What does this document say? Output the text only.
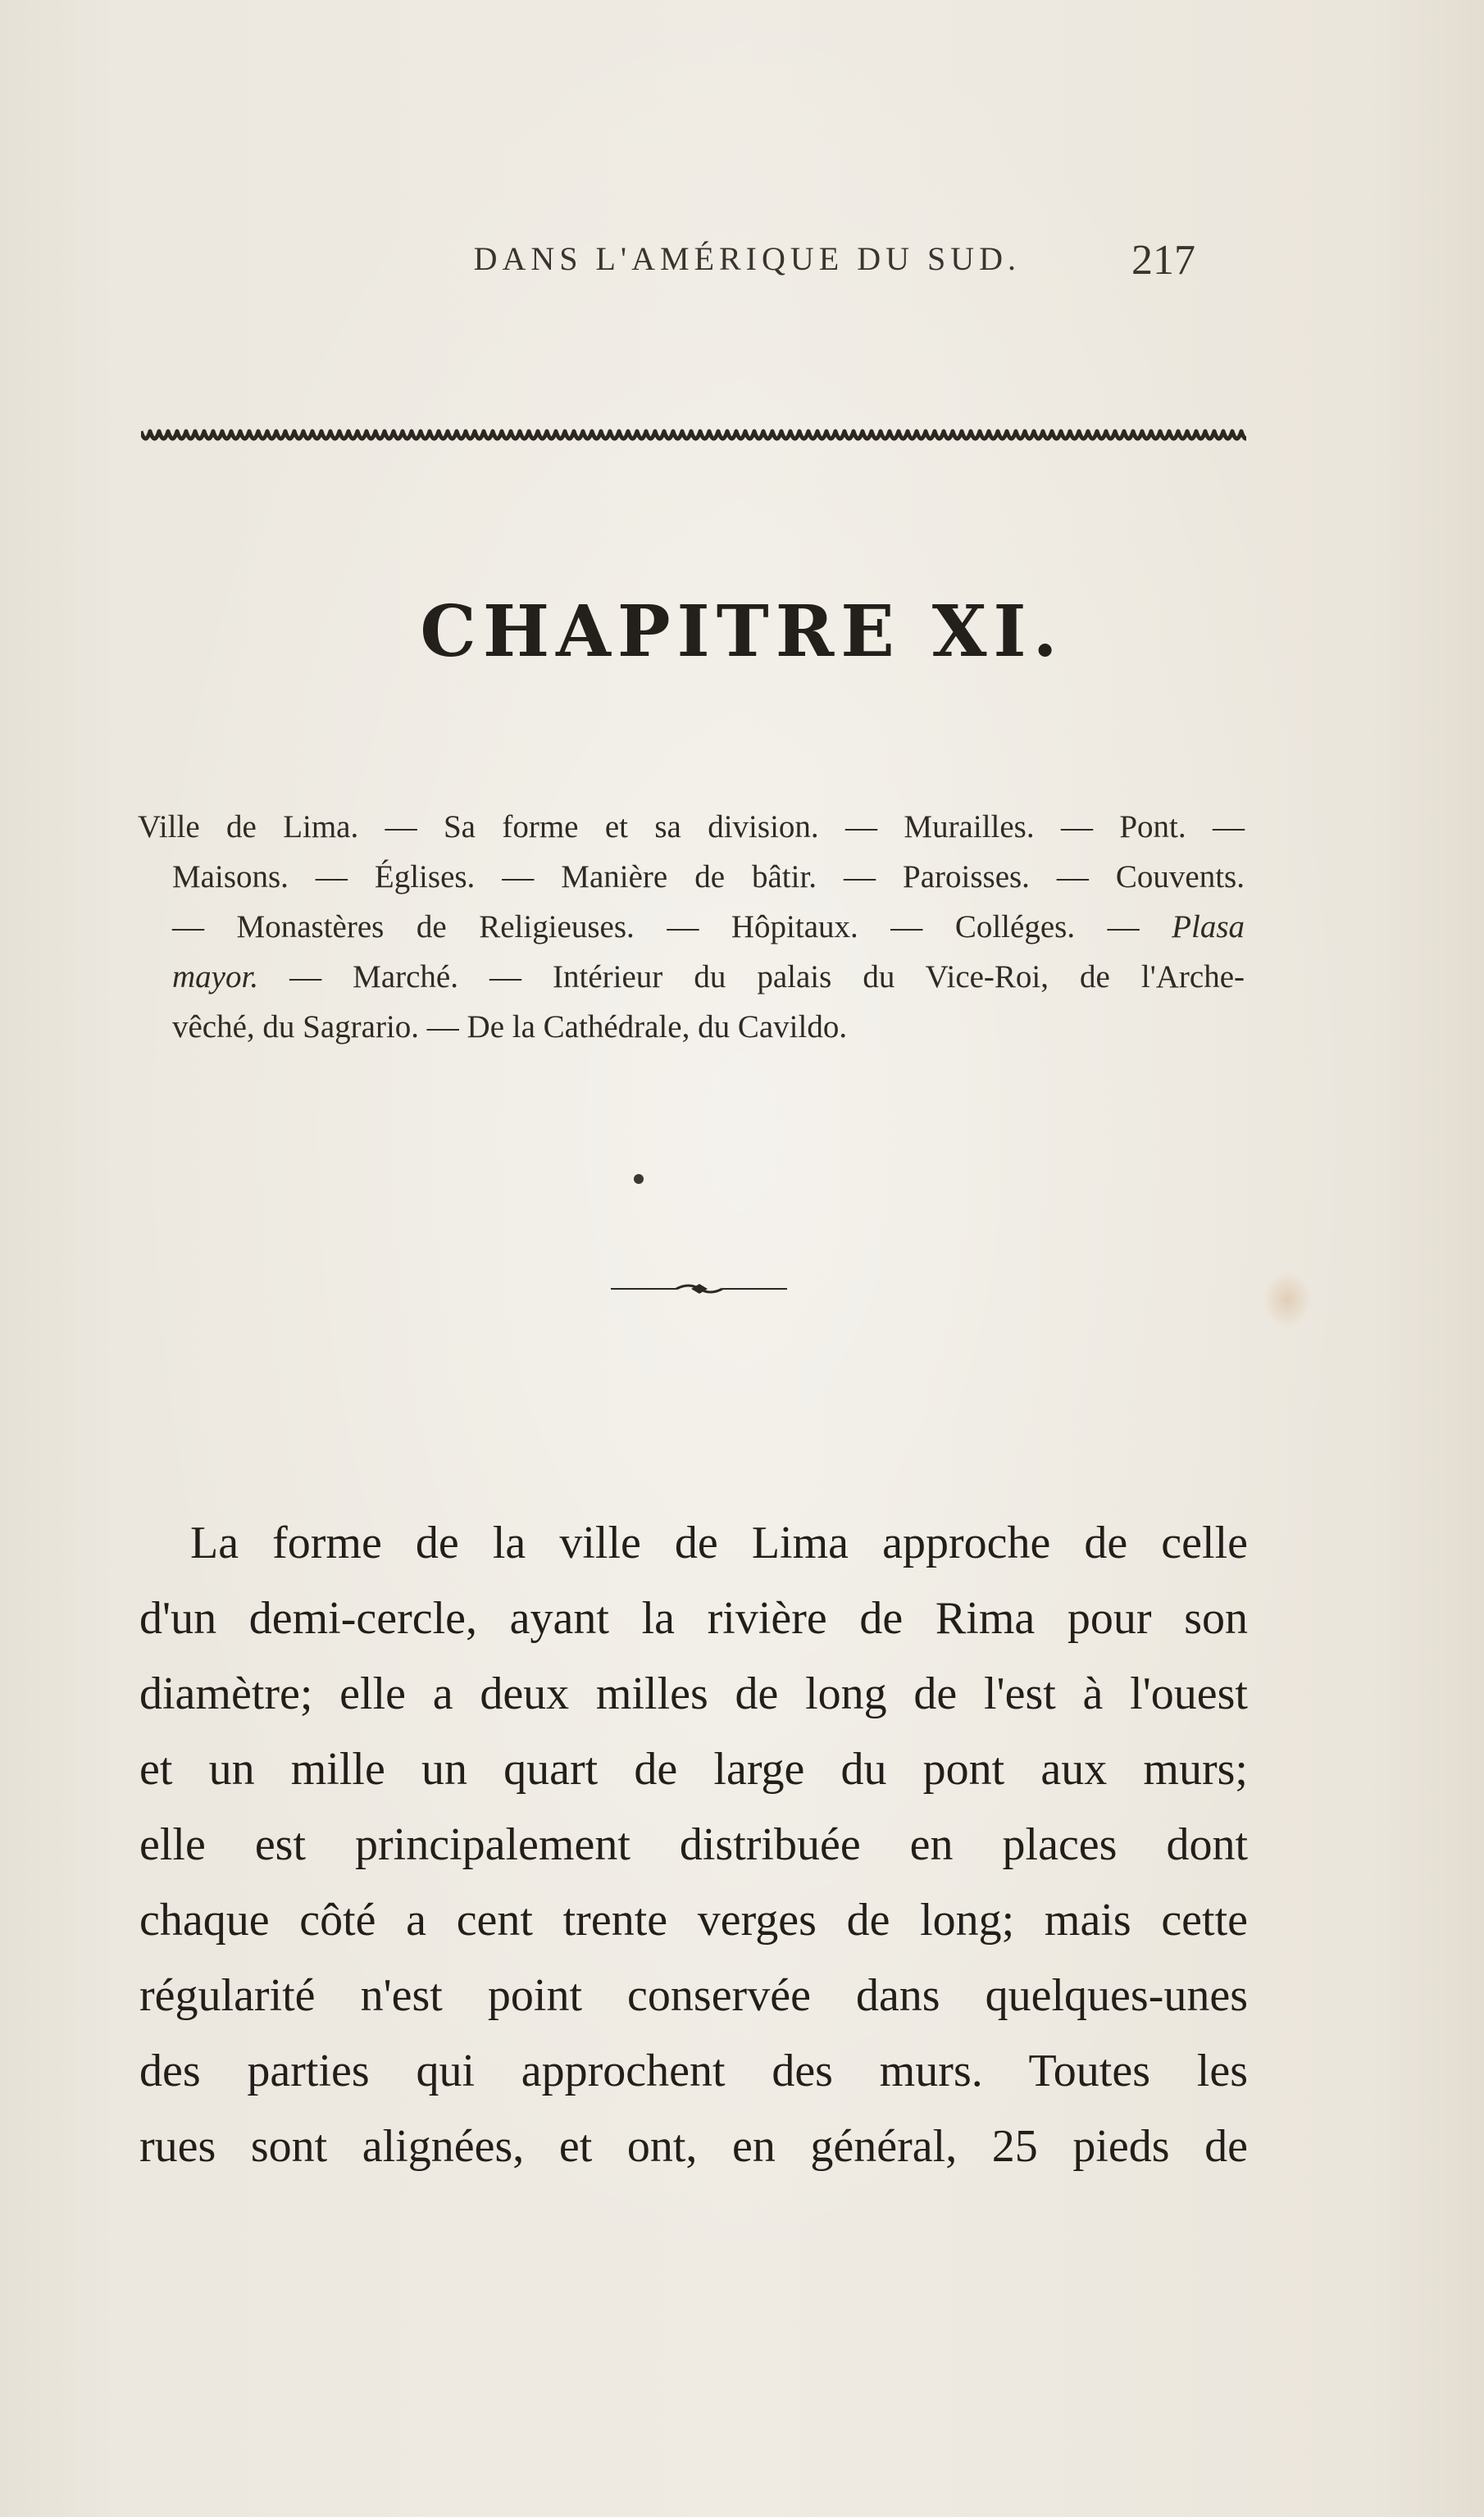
DANS L'AMÉRIQUE DU SUD.	217
CHAPITRE XI.
Ville de Lima. — Sa forme et sa division. — Murailles. — Pont. —
Maisons. — Églises. — Manière de bâtir. — Paroisses. — Couvents.
— Monastères de Religieuses. — Hôpitaux. — Colléges. — Plasa
mayor. — Marché. — Intérieur du palais du Vice-Roi, de l'Arche-
vêché, du Sagrario. — De la Cathédrale, du Cavildo.
La forme de la ville de Lima approche de celle
d'un demi-cercle, ayant la rivière de Rima pour son
diamètre; elle a deux milles de long de l'est à l'ouest
et un mille un quart de large du pont aux murs;
elle est principalement distribuée en places dont
chaque côté a cent trente verges de long; mais cette
régularité n'est point conservée dans quelques-unes
des parties qui approchent des murs. Toutes les
rues sont alignées, et ont, en général, 25 pieds de
